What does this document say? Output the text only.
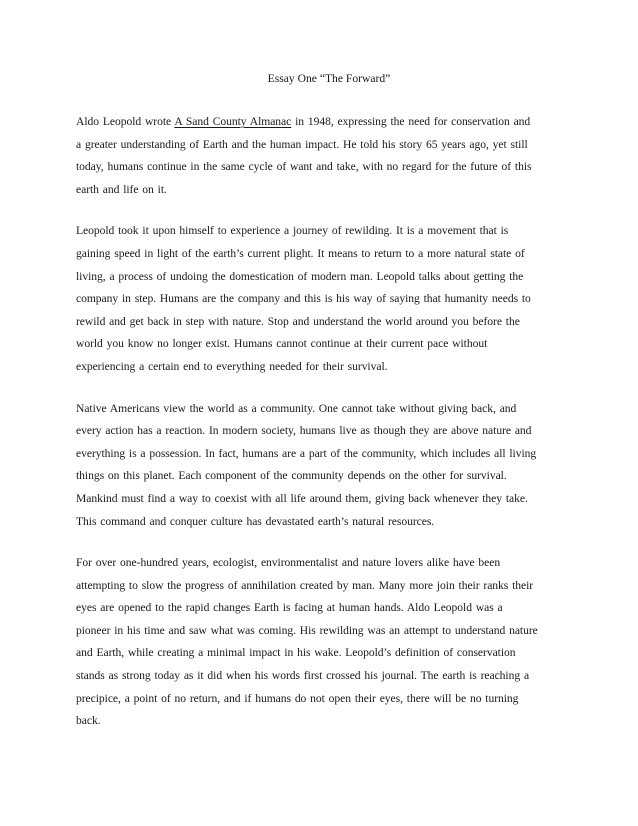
Essay One “The Forward”
Aldo Leopold wrote A Sand County Almanac in 1948, expressing the need for conservation and
a greater understanding of Earth and the human impact. He told his story 65 years ago, yet still
today, humans continue in the same cycle of want and take, with no regard for the future of this
earth and life on it.
Leopold took it upon himself to experience a journey of rewilding. It is a movement that is
gaining speed in light of the earth’s current plight. It means to return to a more natural state of
living, a process of undoing the domestication of modern man. Leopold talks about getting the
company in step. Humans are the company and this is his way of saying that humanity needs to
rewild and get back in step with nature. Stop and understand the world around you before the
world you know no longer exist. Humans cannot continue at their current pace without
experiencing a certain end to everything needed for their survival.
Native Americans view the world as a community. One cannot take without giving back, and
every action has a reaction. In modern society, humans live as though they are above nature and
everything is a possession. In fact, humans are a part of the community, which includes all living
things on this planet. Each component of the community depends on the other for survival.
Mankind must find a way to coexist with all life around them, giving back whenever they take.
This command and conquer culture has devastated earth’s natural resources.
For over one-hundred years, ecologist, environmentalist and nature lovers alike have been
attempting to slow the progress of annihilation created by man. Many more join their ranks their
eyes are opened to the rapid changes Earth is facing at human hands. Aldo Leopold was a
pioneer in his time and saw what was coming. His rewilding was an attempt to understand nature
and Earth, while creating a minimal impact in his wake. Leopold’s definition of conservation
stands as strong today as it did when his words first crossed his journal. The earth is reaching a
precipice, a point of no return, and if humans do not open their eyes, there will be no turning
back.
